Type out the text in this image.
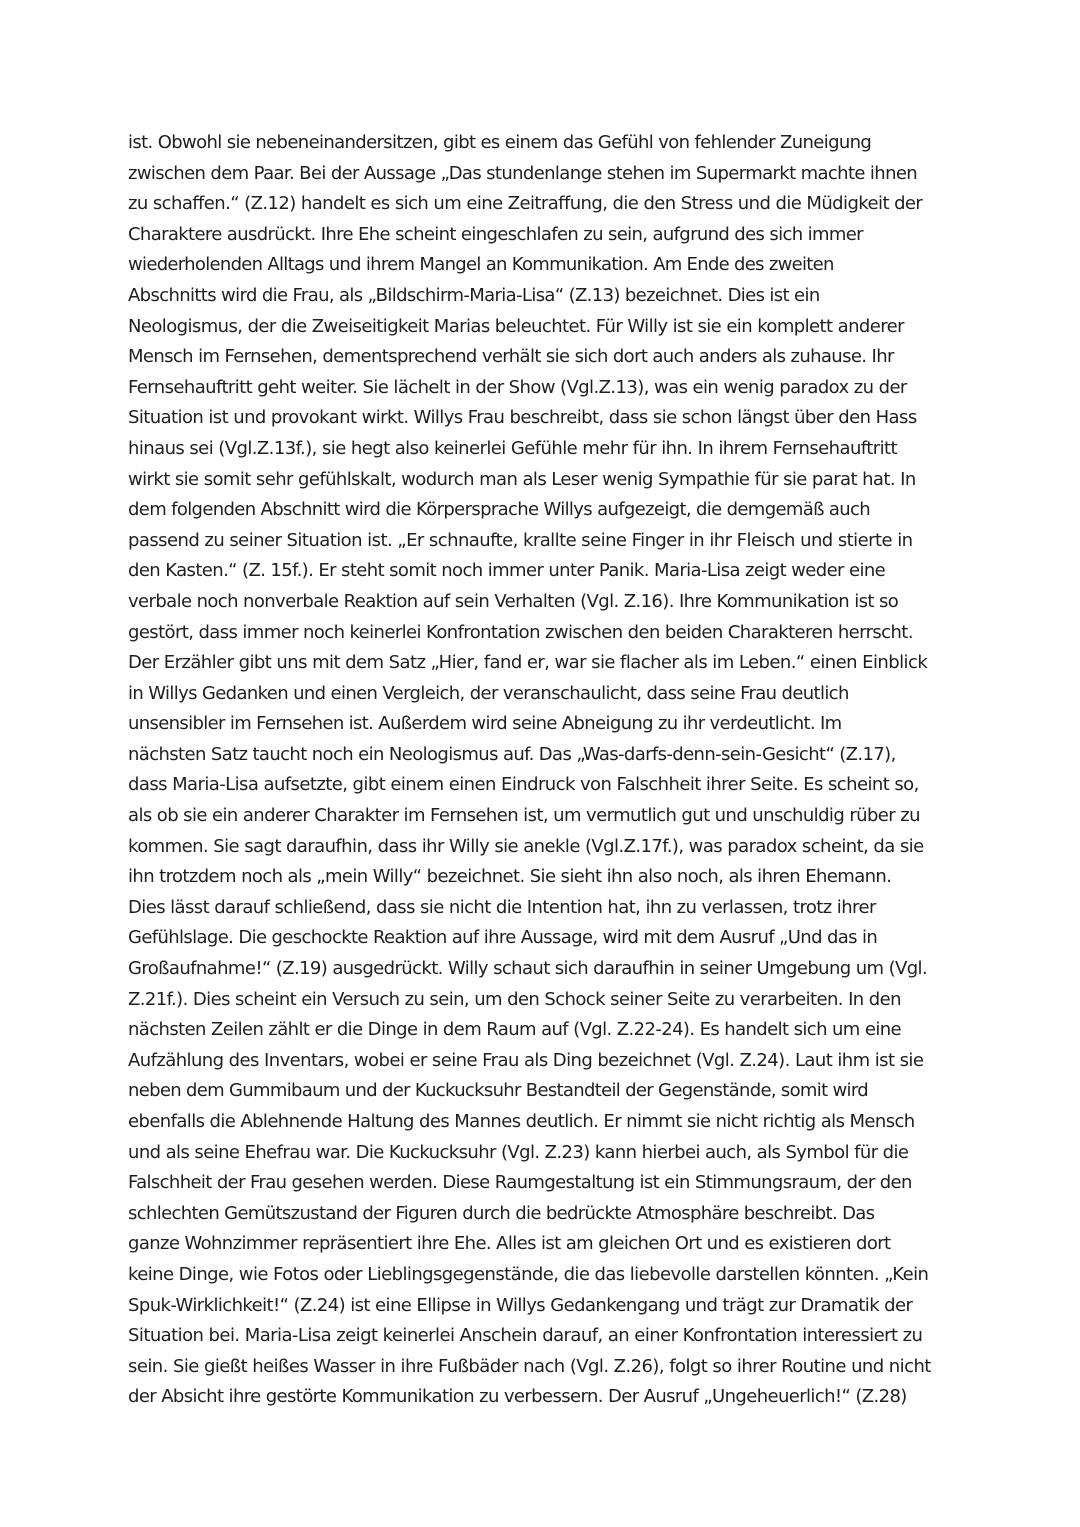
ist. Obwohl sie nebeneinandersitzen, gibt es einem das Gefühl von fehlender Zuneigung
zwischen dem Paar. Bei der Aussage „Das stundenlange stehen im Supermarkt machte ihnen
zu schaffen.“ (Z.12) handelt es sich um eine Zeitraffung, die den Stress und die Müdigkeit der
Charaktere ausdrückt. Ihre Ehe scheint eingeschlafen zu sein, aufgrund des sich immer
wiederholenden Alltags und ihrem Mangel an Kommunikation. Am Ende des zweiten
Abschnitts wird die Frau, als „Bildschirm-Maria-Lisa“ (Z.13) bezeichnet. Dies ist ein
Neologismus, der die Zweiseitigkeit Marias beleuchtet. Für Willy ist sie ein komplett anderer
Mensch im Fernsehen, dementsprechend verhält sie sich dort auch anders als zuhause. Ihr
Fernsehauftritt geht weiter. Sie lächelt in der Show (Vgl.Z.13), was ein wenig paradox zu der
Situation ist und provokant wirkt. Willys Frau beschreibt, dass sie schon längst über den Hass
hinaus sei (Vgl.Z.13f.), sie hegt also keinerlei Gefühle mehr für ihn. In ihrem Fernsehauftritt
wirkt sie somit sehr gefühlskalt, wodurch man als Leser wenig Sympathie für sie parat hat. In
dem folgenden Abschnitt wird die Körpersprache Willys aufgezeigt, die demgemäß auch
passend zu seiner Situation ist. „Er schnaufte, krallte seine Finger in ihr Fleisch und stierte in
den Kasten.“ (Z. 15f.). Er steht somit noch immer unter Panik. Maria-Lisa zeigt weder eine
verbale noch nonverbale Reaktion auf sein Verhalten (Vgl. Z.16). Ihre Kommunikation ist so
gestört, dass immer noch keinerlei Konfrontation zwischen den beiden Charakteren herrscht.
Der Erzähler gibt uns mit dem Satz „Hier, fand er, war sie flacher als im Leben.“ einen Einblick
in Willys Gedanken und einen Vergleich, der veranschaulicht, dass seine Frau deutlich
unsensibler im Fernsehen ist. Außerdem wird seine Abneigung zu ihr verdeutlicht. Im
nächsten Satz taucht noch ein Neologismus auf. Das „Was-darfs-denn-sein-Gesicht“ (Z.17),
dass Maria-Lisa aufsetzte, gibt einem einen Eindruck von Falschheit ihrer Seite. Es scheint so,
als ob sie ein anderer Charakter im Fernsehen ist, um vermutlich gut und unschuldig rüber zu
kommen. Sie sagt daraufhin, dass ihr Willy sie anekle (Vgl.Z.17f.), was paradox scheint, da sie
ihn trotzdem noch als „mein Willy“ bezeichnet. Sie sieht ihn also noch, als ihren Ehemann.
Dies lässt darauf schließend, dass sie nicht die Intention hat, ihn zu verlassen, trotz ihrer
Gefühlslage. Die geschockte Reaktion auf ihre Aussage, wird mit dem Ausruf „Und das in
Großaufnahme!“ (Z.19) ausgedrückt. Willy schaut sich daraufhin in seiner Umgebung um (Vgl.
Z.21f.). Dies scheint ein Versuch zu sein, um den Schock seiner Seite zu verarbeiten. In den
nächsten Zeilen zählt er die Dinge in dem Raum auf (Vgl. Z.22-24). Es handelt sich um eine
Aufzählung des Inventars, wobei er seine Frau als Ding bezeichnet (Vgl. Z.24). Laut ihm ist sie
neben dem Gummibaum und der Kuckucksuhr Bestandteil der Gegenstände, somit wird
ebenfalls die Ablehnende Haltung des Mannes deutlich. Er nimmt sie nicht richtig als Mensch
und als seine Ehefrau war. Die Kuckucksuhr (Vgl. Z.23) kann hierbei auch, als Symbol für die
Falschheit der Frau gesehen werden. Diese Raumgestaltung ist ein Stimmungsraum, der den
schlechten Gemütszustand der Figuren durch die bedrückte Atmosphäre beschreibt. Das
ganze Wohnzimmer repräsentiert ihre Ehe. Alles ist am gleichen Ort und es existieren dort
keine Dinge, wie Fotos oder Lieblingsgegenstände, die das liebevolle darstellen könnten. „Kein
Spuk-Wirklichkeit!“ (Z.24) ist eine Ellipse in Willys Gedankengang und trägt zur Dramatik der
Situation bei. Maria-Lisa zeigt keinerlei Anschein darauf, an einer Konfrontation interessiert zu
sein. Sie gießt heißes Wasser in ihre Fußbäder nach (Vgl. Z.26), folgt so ihrer Routine und nicht
der Absicht ihre gestörte Kommunikation zu verbessern. Der Ausruf „Ungeheuerlich!“ (Z.28)
